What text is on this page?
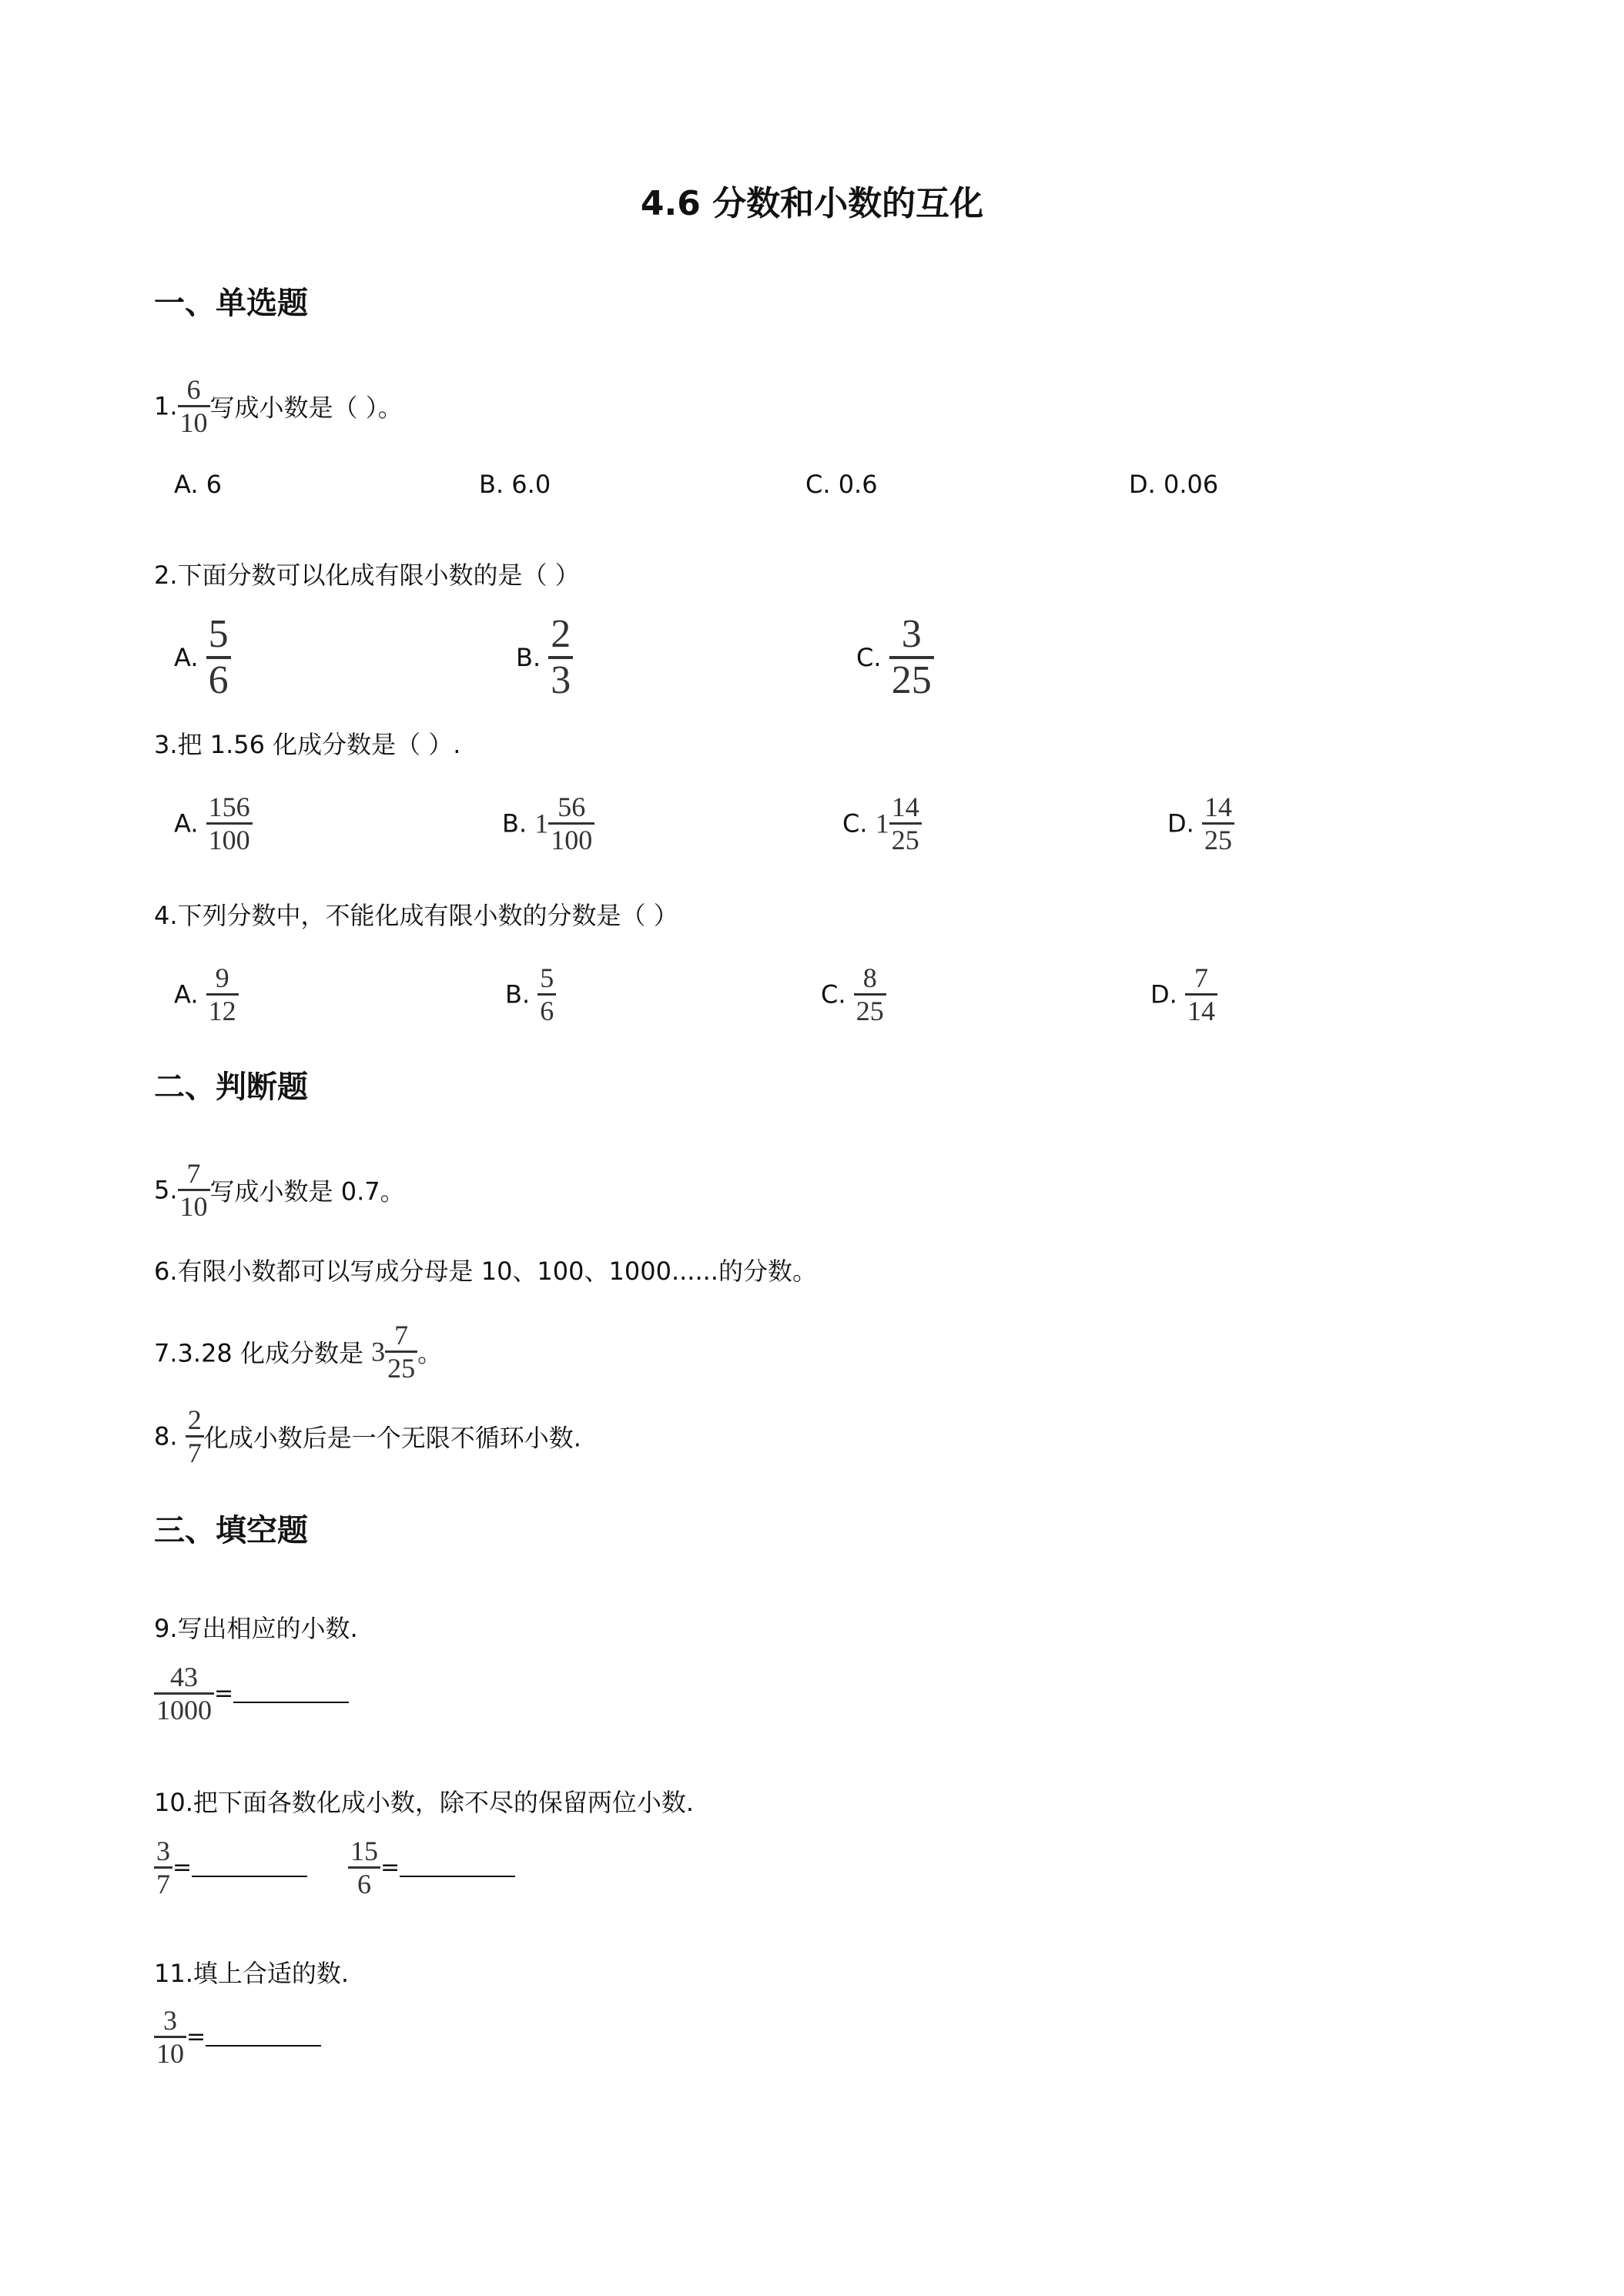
4.6 分数和小数的互化
一、单选题
1. $\frac{6}{10}$ 写成小数是（ ）。
A. 6	B. 6.0	C. 0.6	D. 0.06
2.下面分数可以化成有限小数的是（ ）
A. $\frac{5}{6}$	B. $\frac{2}{3}$	C. $\frac{3}{25}$
3.把 1.56 化成分数是（ ）.
A. $\frac{156}{100}$	B. $1 \frac{56}{100}$	C. $1 \frac{14}{25}$	D. $\frac{14}{25}$
4.下列分数中，不能化成有限小数的分数是（ ）
A. $\frac{9}{12}$	B. $\frac{5}{6}$	C. $\frac{8}{25}$	D. $\frac{7}{14}$
二、判断题
5. $\frac{7}{10}$ 写成小数是 0.7。
6.有限小数都可以写成分母是 10、100、1000......的分数。
7.3.28 化成分数是 $3 \frac{7}{25}$ 。
8. $\frac{2}{7}$ 化成小数后是一个无限不循环小数.
三、填空题
9.写出相应的小数.
$\frac{43}{1000}$ =
10.把下面各数化成小数，除不尽的保留两位小数.
$\frac{3}{7}$ =	$\frac{15}{6}$ =
11.填上合适的数.
$\frac{3}{10}$ =
